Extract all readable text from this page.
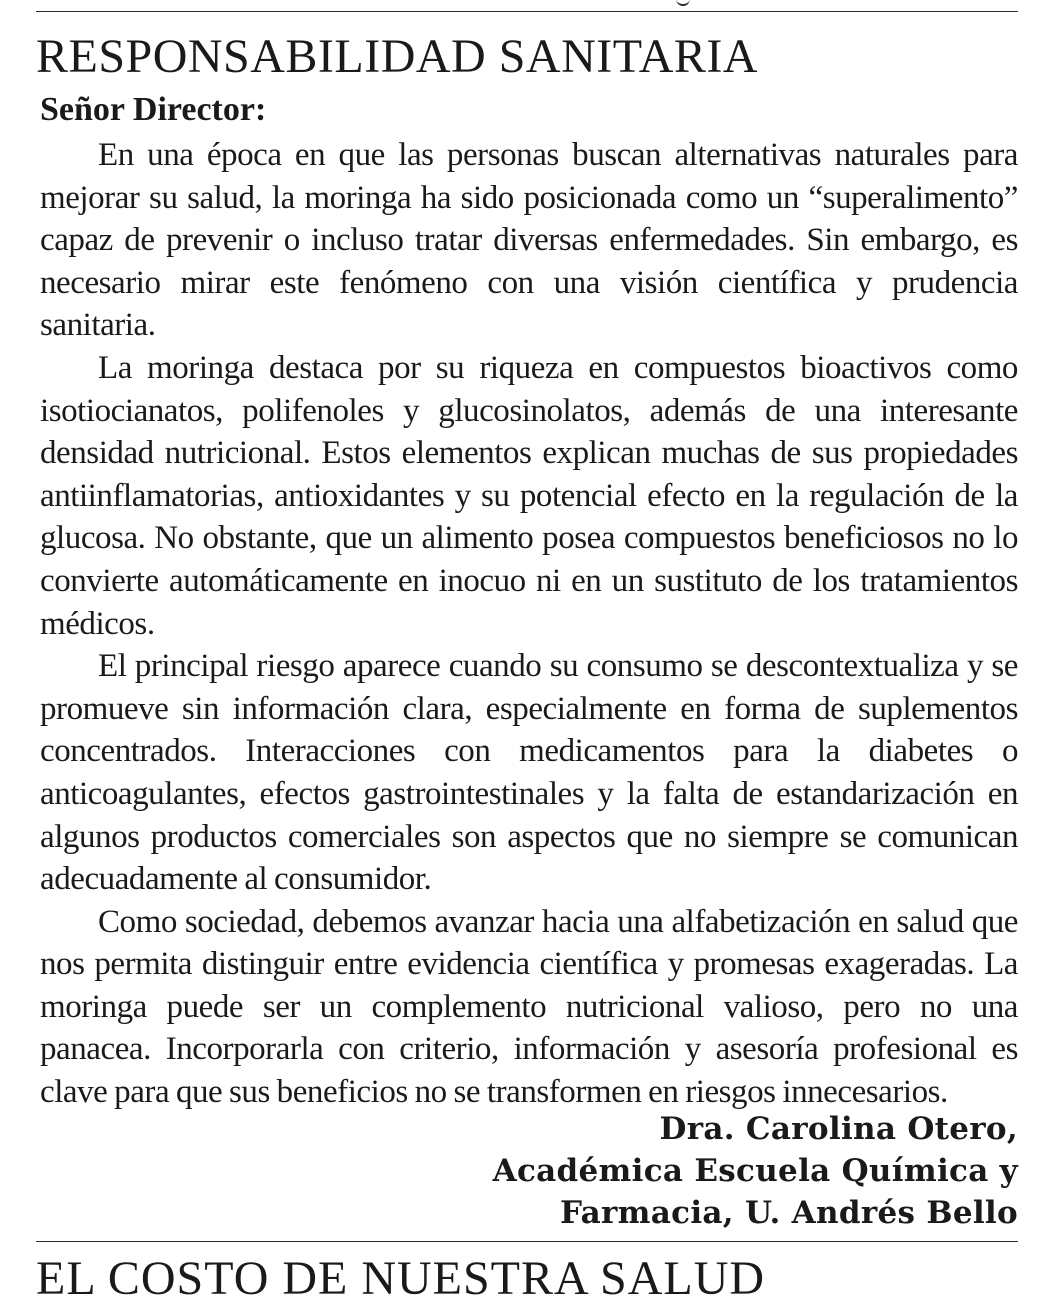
RESPONSABILIDAD SANITARIA

Señor Director:

En una época en que las personas buscan alternativas naturales para mejorar su salud, la moringa ha sido posicionada como un “superalimento” capaz de prevenir o incluso tratar diversas enfermedades. Sin embargo, es necesario mirar este fenómeno con una visión científica y prudencia sanitaria.

La moringa destaca por su riqueza en compuestos bioactivos como isotiocianatos, polifenoles y glucosinolatos, además de una interesante densidad nutricional. Estos elementos explican muchas de sus propiedades antiinflamatorias, antioxidantes y su potencial efecto en la regulación de la glucosa. No obstante, que un alimento posea compuestos beneficiosos no lo convierte automáticamente en inocuo ni en un sustituto de los tratamientos médicos.

El principal riesgo aparece cuando su consumo se descontextualiza y se promueve sin información clara, especialmente en forma de suplementos concentrados. Interacciones con medicamentos para la diabetes o anticoagulantes, efectos gastrointestinales y la falta de estandarización en algunos productos comerciales son aspectos que no siempre se comunican adecuadamente al consumidor.

Como sociedad, debemos avanzar hacia una alfabetización en salud que nos permita distinguir entre evidencia científica y promesas exageradas. La moringa puede ser un complemento nutricional valioso, pero no una panacea. Incorporarla con criterio, información y asesoría profesional es clave para que sus beneficios no se transformen en riesgos innecesarios.

Dra. Carolina Otero,
Académica Escuela Química y
Farmacia, U. Andrés Bello
EL COSTO DE NUESTRA SALUD
